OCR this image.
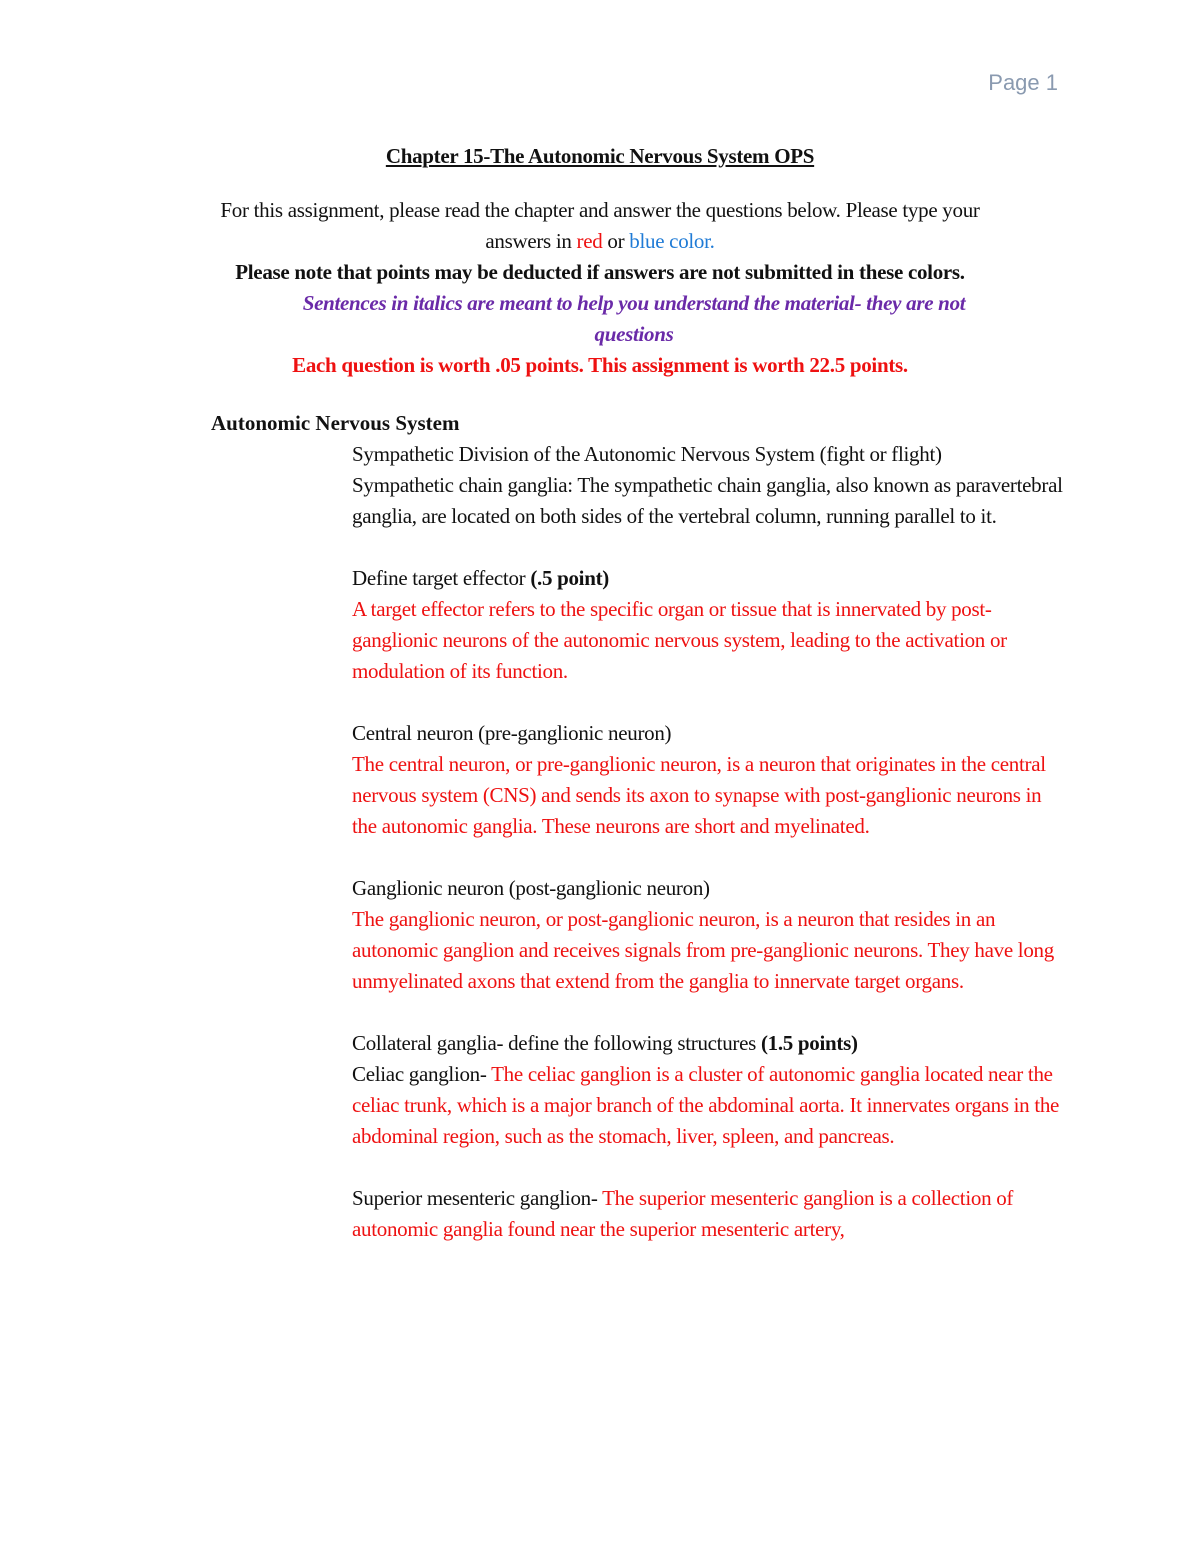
Page 1
Chapter 15-The Autonomic Nervous System OPS
For this assignment, please read the chapter and answer the questions below. Please type your
answers in red or blue color.
Please note that points may be deducted if answers are not submitted in these colors.
Sentences in italics are meant to help you understand the material- they are not
questions
Each question is worth .05 points. This assignment is worth 22.5 points.
Autonomic Nervous System
Sympathetic Division of the Autonomic Nervous System (fight or flight)

Sympathetic chain ganglia: The sympathetic chain ganglia, also known as paravertebral ganglia, are located on both sides of the vertebral column, running parallel to it.

Define target effector (.5 point)

A target effector refers to the specific organ or tissue that is innervated by post-ganglionic neurons of the autonomic nervous system, leading to the activation or modulation of its function.

Central neuron (pre-ganglionic neuron)

The central neuron, or pre-ganglionic neuron, is a neuron that originates in the central nervous system (CNS) and sends its axon to synapse with post-ganglionic neurons in the autonomic ganglia. These neurons are short and myelinated.

Ganglionic neuron (post-ganglionic neuron)

The ganglionic neuron, or post-ganglionic neuron, is a neuron that resides in an autonomic ganglion and receives signals from pre-ganglionic neurons. They have long unmyelinated axons that extend from the ganglia to innervate target organs.

Collateral ganglia- define the following structures (1.5 points)

Celiac ganglion- The celiac ganglion is a cluster of autonomic ganglia located near the celiac trunk, which is a major branch of the abdominal aorta. It innervates organs in the abdominal region, such as the stomach, liver, spleen, and pancreas.

Superior mesenteric ganglion- The superior mesenteric ganglion is a collection of autonomic ganglia found near the superior mesenteric artery,
